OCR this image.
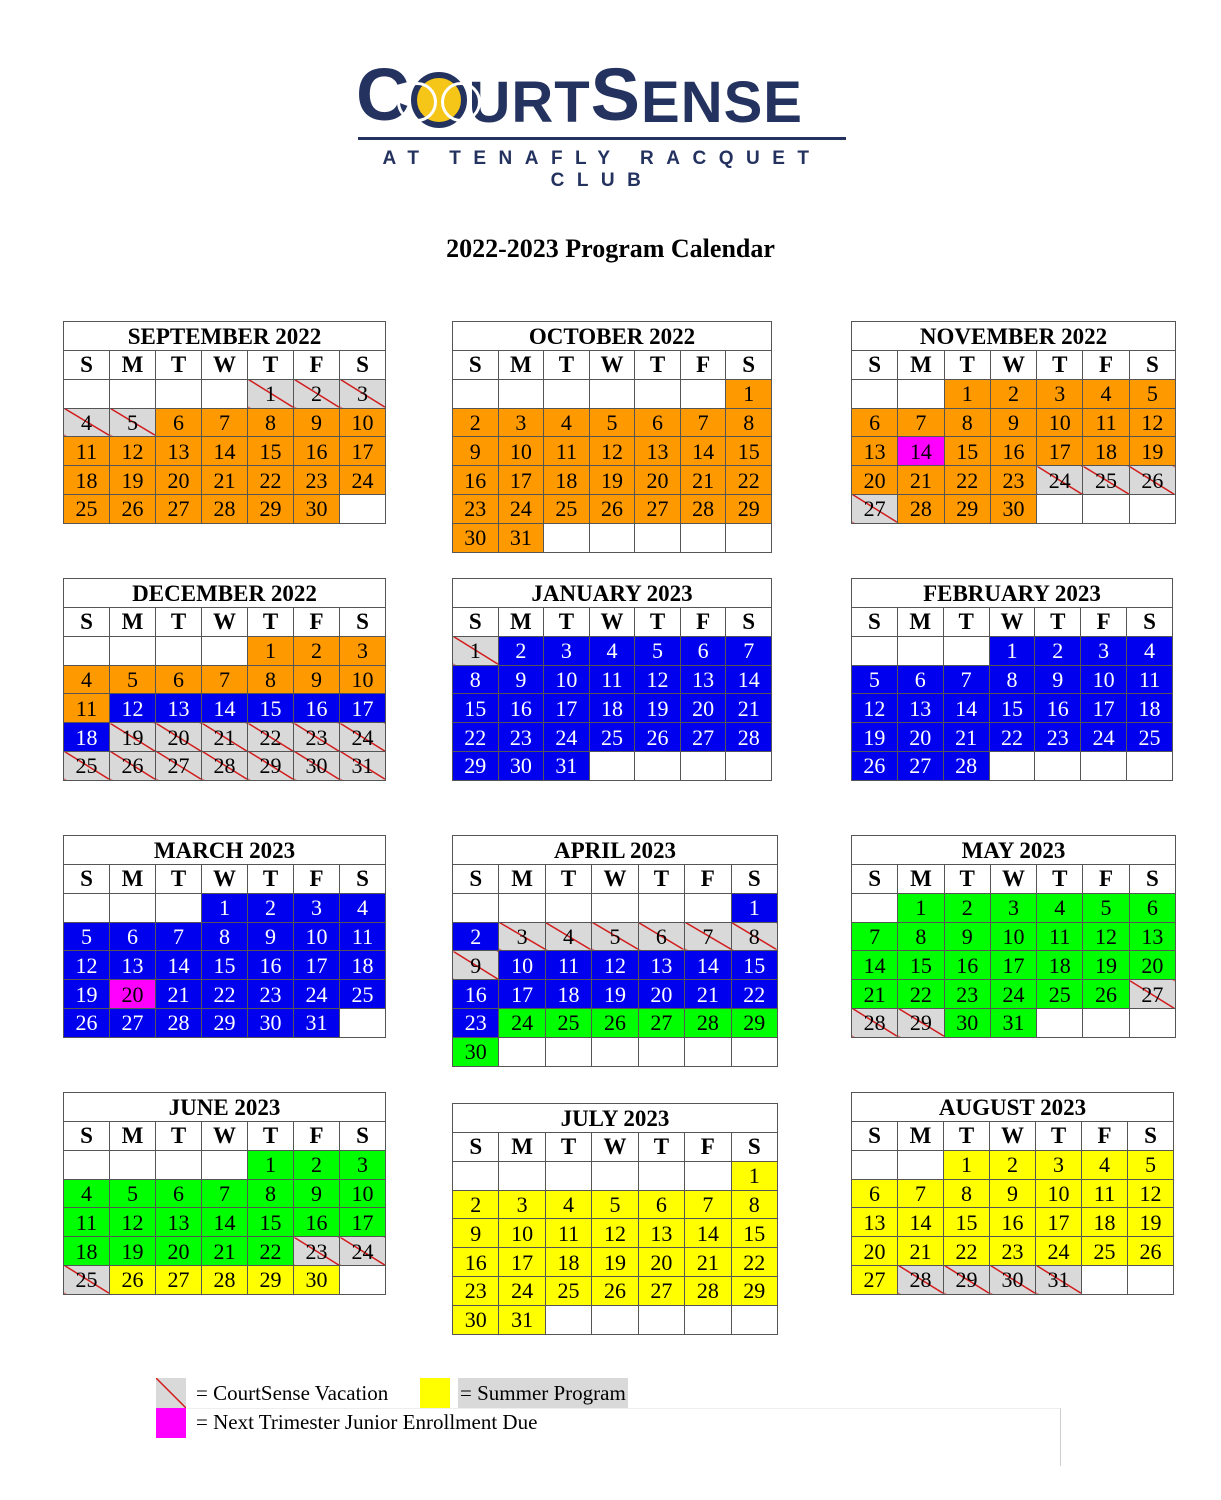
C URT S ENSE
AT TENAFLY RACQUET CLUB
2022-2023 Program Calendar
SEPTEMBER 2022						
S	M	T	W	T	F	S
				1	2	3
4	5	6	7	8	9	10
11	12	13	14	15	16	17
18	19	20	21	22	23	24
25	26	27	28	29	30	
OCTOBER 2022						
S	M	T	W	T	F	S
						1
2	3	4	5	6	7	8
9	10	11	12	13	14	15
16	17	18	19	20	21	22
23	24	25	26	27	28	29
30	31					
NOVEMBER 2022						
S	M	T	W	T	F	S
		1	2	3	4	5
6	7	8	9	10	11	12
13	14	15	16	17	18	19
20	21	22	23	24	25	26
27	28	29	30			
DECEMBER 2022						
S	M	T	W	T	F	S
				1	2	3
4	5	6	7	8	9	10
11	12	13	14	15	16	17
18	19	20	21	22	23	24
25	26	27	28	29	30	31
JANUARY 2023						
S	M	T	W	T	F	S
1	2	3	4	5	6	7
8	9	10	11	12	13	14
15	16	17	18	19	20	21
22	23	24	25	26	27	28
29	30	31				
FEBRUARY 2023						
S	M	T	W	T	F	S
			1	2	3	4
5	6	7	8	9	10	11
12	13	14	15	16	17	18
19	20	21	22	23	24	25
26	27	28				
MARCH 2023						
S	M	T	W	T	F	S
			1	2	3	4
5	6	7	8	9	10	11
12	13	14	15	16	17	18
19	20	21	22	23	24	25
26	27	28	29	30	31	
APRIL 2023						
S	M	T	W	T	F	S
						1
2	3	4	5	6	7	8
9	10	11	12	13	14	15
16	17	18	19	20	21	22
23	24	25	26	27	28	29
30						
MAY 2023						
S	M	T	W	T	F	S
	1	2	3	4	5	6
7	8	9	10	11	12	13
14	15	16	17	18	19	20
21	22	23	24	25	26	27
28	29	30	31			
JUNE 2023						
S	M	T	W	T	F	S
				1	2	3
4	5	6	7	8	9	10
11	12	13	14	15	16	17
18	19	20	21	22	23	24
25	26	27	28	29	30	
JULY 2023						
S	M	T	W	T	F	S
						1
2	3	4	5	6	7	8
9	10	11	12	13	14	15
16	17	18	19	20	21	22
23	24	25	26	27	28	29
30	31					
AUGUST 2023						
S	M	T	W	T	F	S
		1	2	3	4	5
6	7	8	9	10	11	12
13	14	15	16	17	18	19
20	21	22	23	24	25	26
27	28	29	30	31		
= CourtSense Vacation	= Summer Program
= Next Trimester Junior Enrollment Due
